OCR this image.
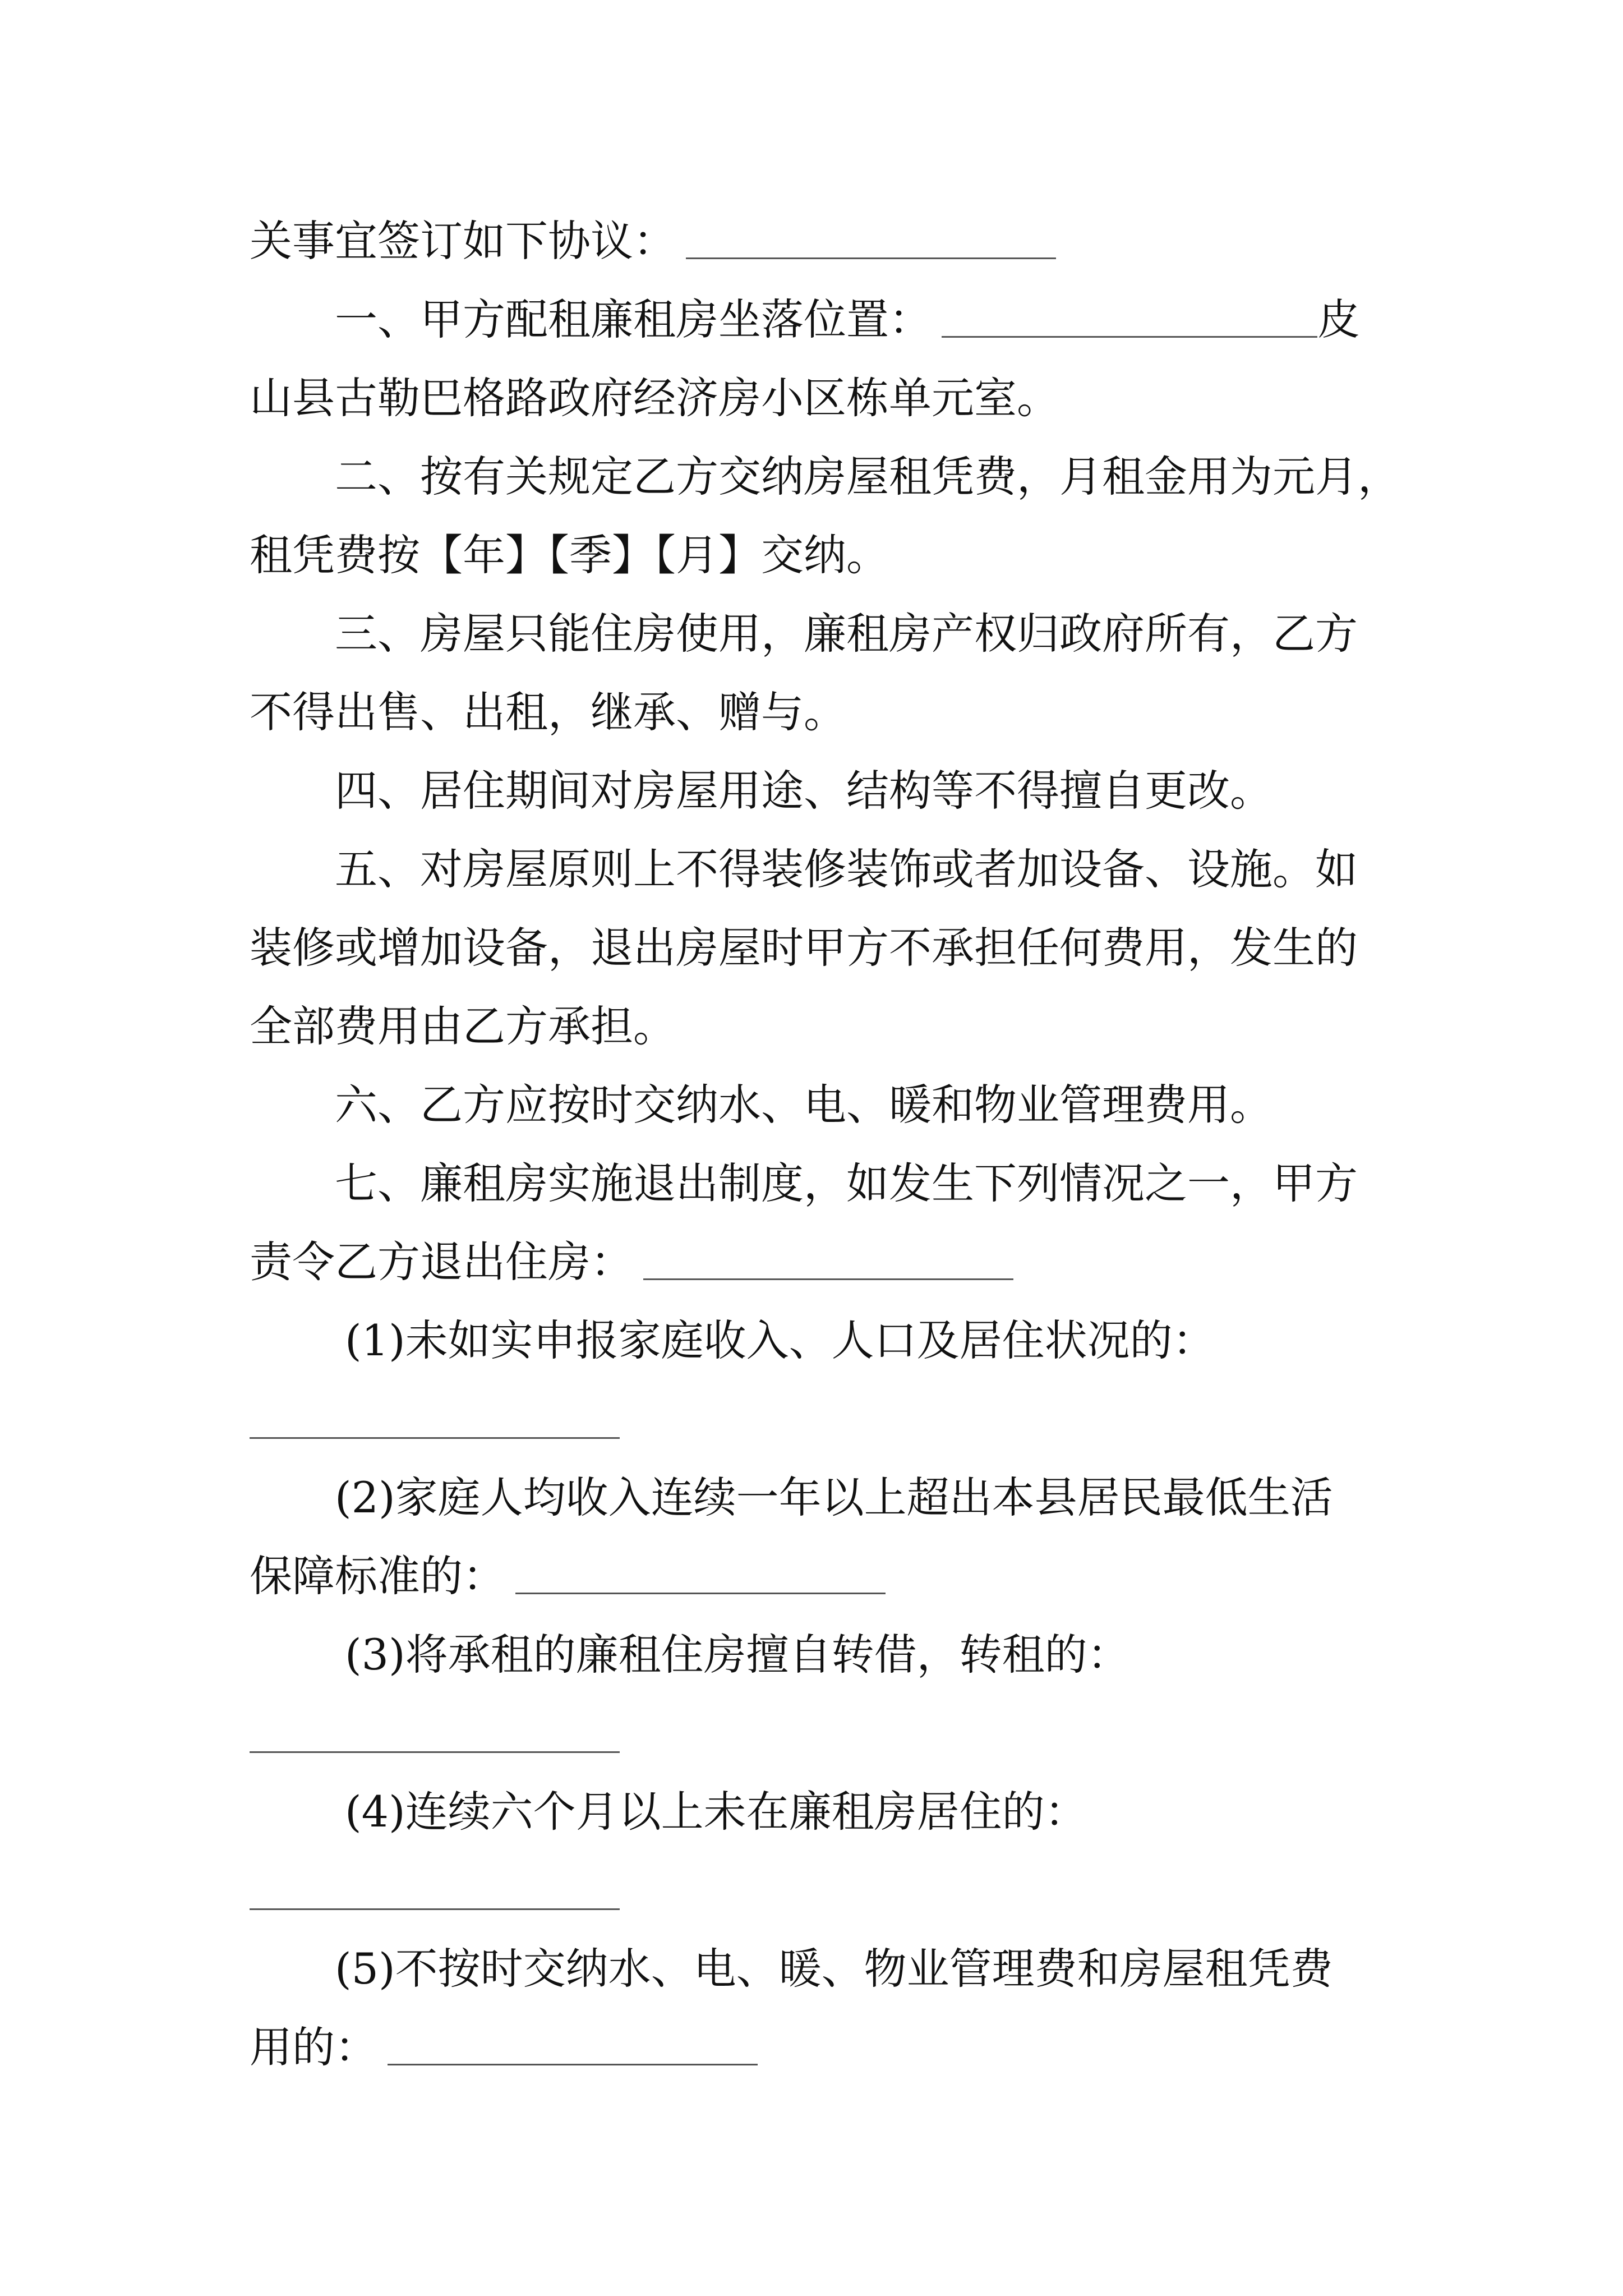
关事宜签订如下协议：
一、甲方配租廉租房坐落位置：	皮
山县古勒巴格路政府经济房小区栋单元室。
二、按有关规定乙方交纳房屋租凭费，月租金用为元月，
租凭费按【年】【季】【月】交纳。
三、房屋只能住房使用，廉租房产权归政府所有，乙方
不得出售、出租，继承、赠与。
四、居住期间对房屋用途、结构等不得擅自更改。
五、对房屋原则上不得装修装饰或者加设备、设施。如
装修或增加设备，退出房屋时甲方不承担任何费用，发生的
全部费用由乙方承担。
六、乙方应按时交纳水、电、暖和物业管理费用。
七、廉租房实施退出制度，如发生下列情况之一，甲方
责令乙方退出住房：
(1)未如实申报家庭收入、人口及居住状况的：
(2)家庭人均收入连续一年以上超出本县居民最低生活
保障标准的：
(3)将承租的廉租住房擅自转借，转租的：
(4)连续六个月以上未在廉租房居住的：
(5)不按时交纳水、电、暖、物业管理费和房屋租凭费
用的：
